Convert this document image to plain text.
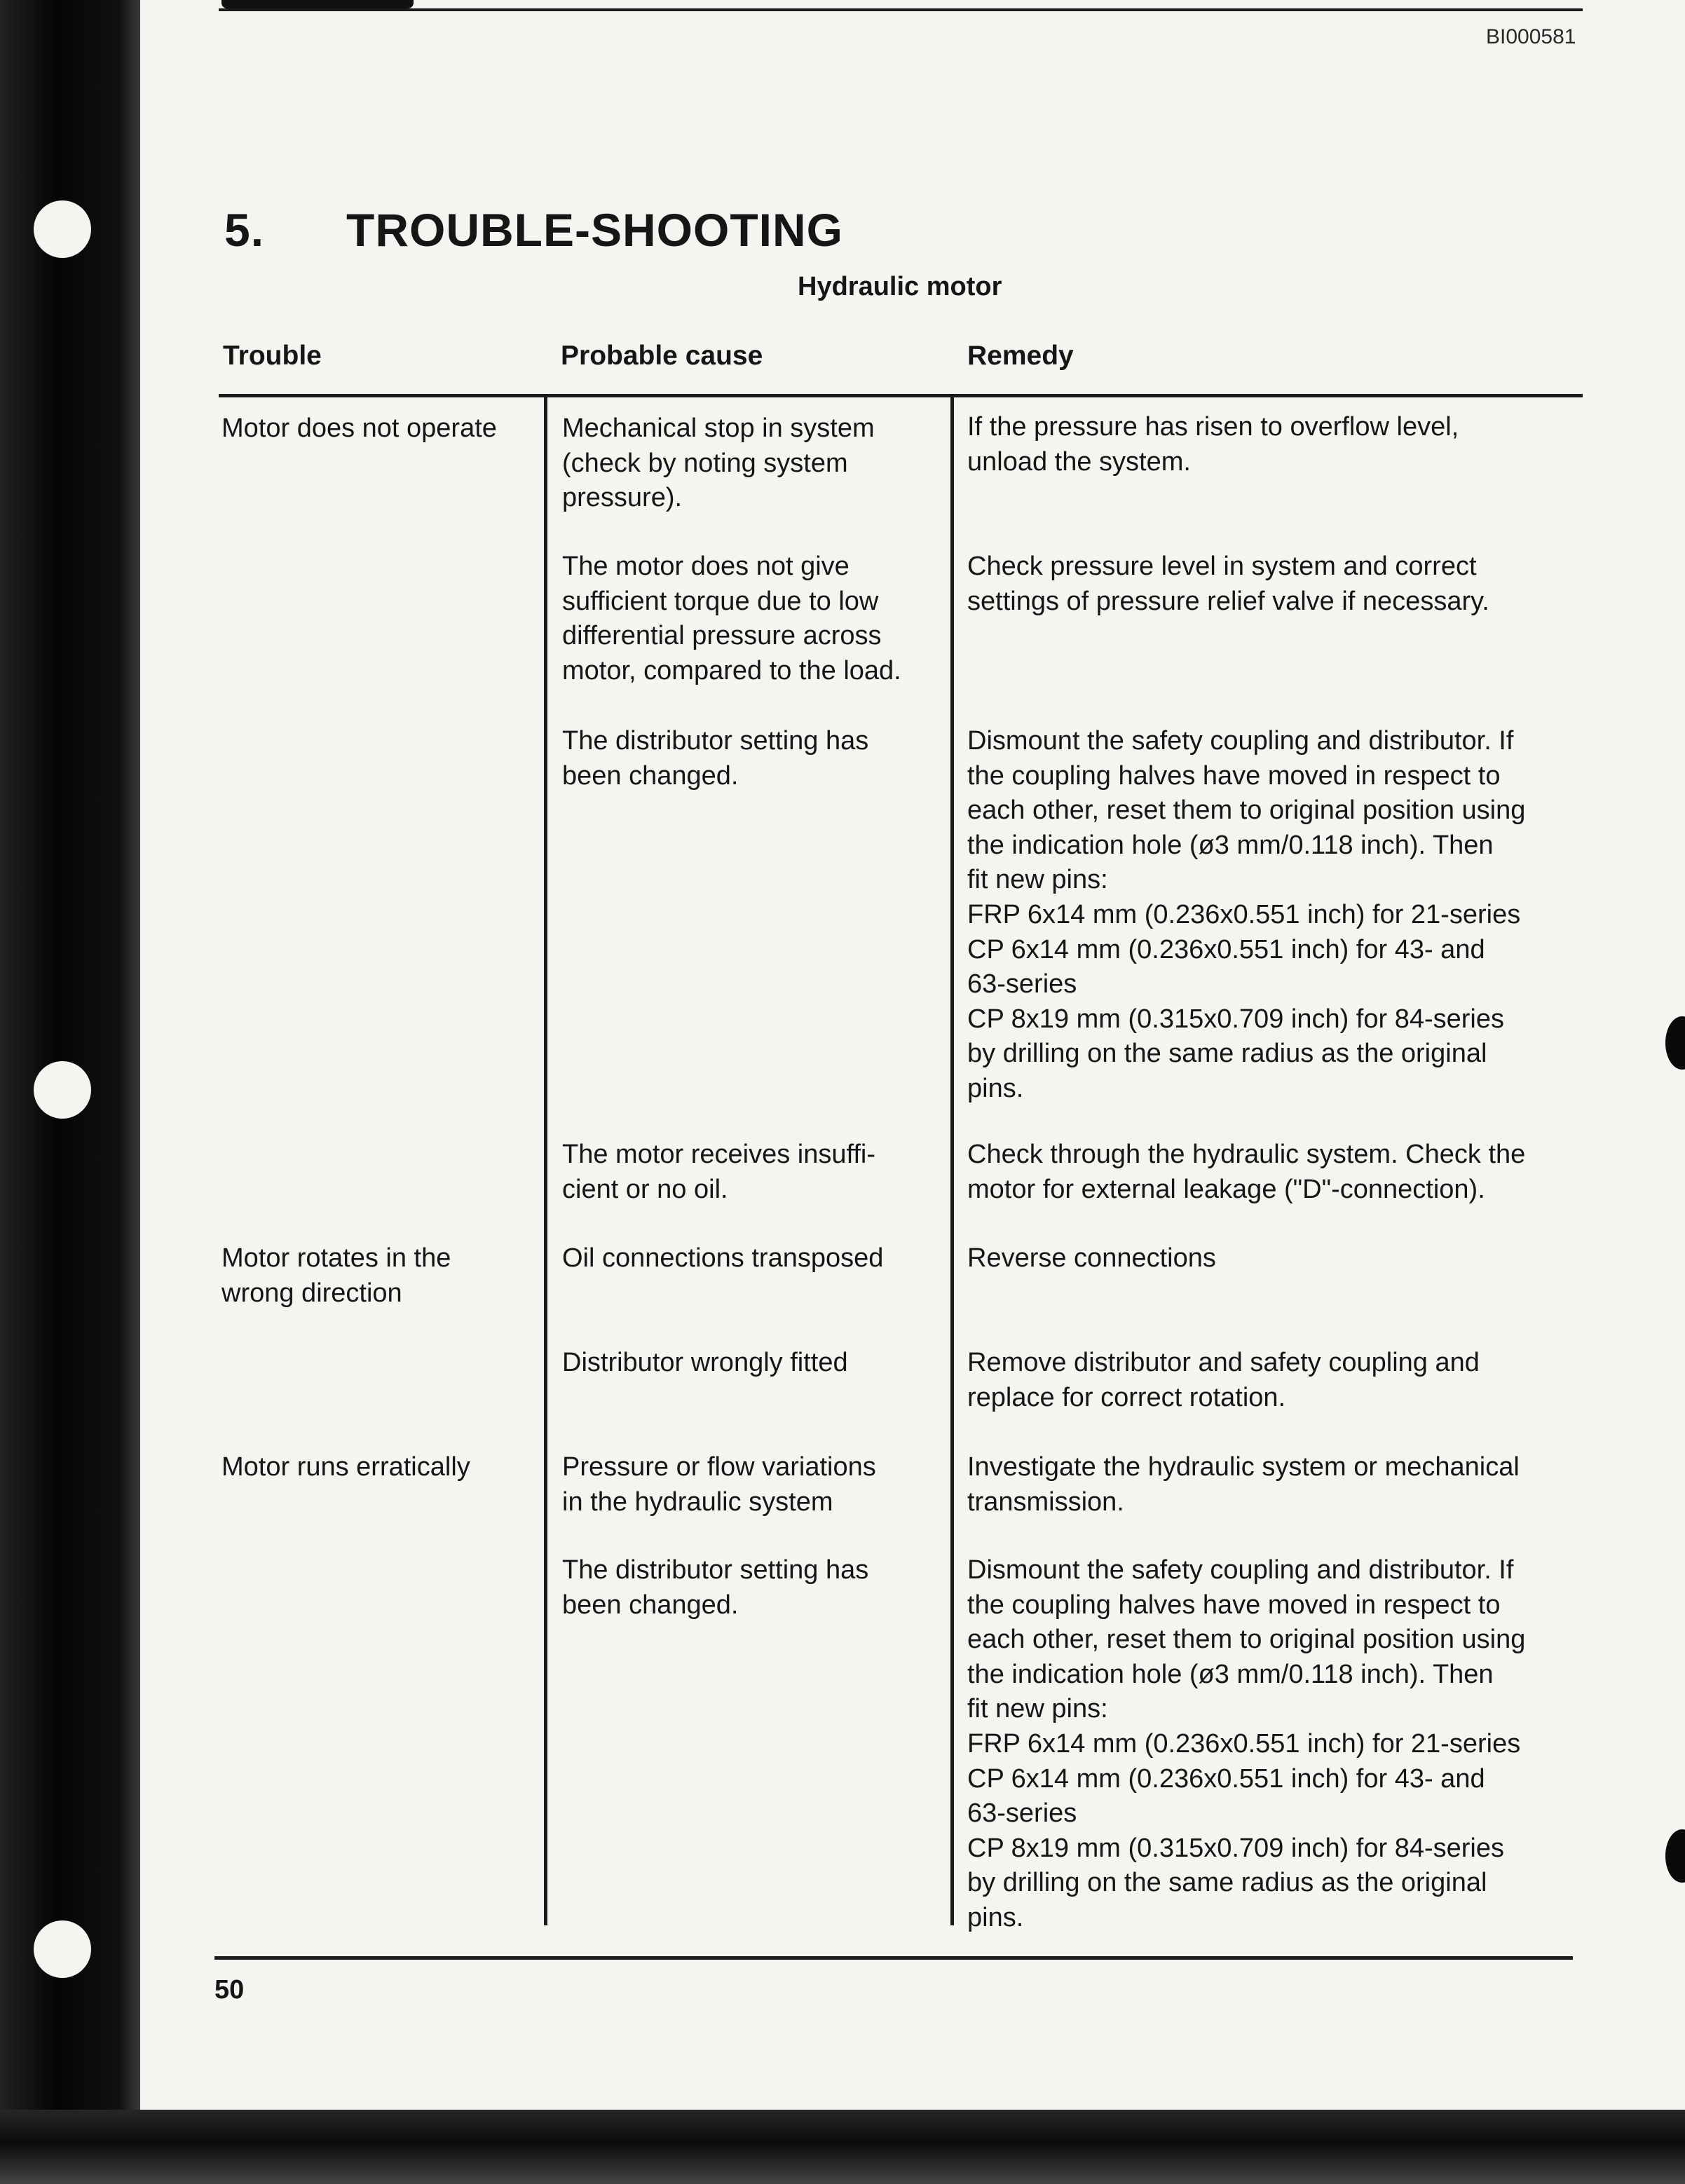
BI000581
5. TROUBLE-SHOOTING
Hydraulic motor
Trouble	Probable cause	Remedy
Motor does not operate
Motor rotates in the
wrong direction
Motor runs erratically
Mechanical stop in system
(check by noting system
pressure).
The motor does not give
sufficient torque due to low
differential pressure across
motor, compared to the load.
The distributor setting has
been changed.
The motor receives insuffi-
cient or no oil.
Oil connections transposed
Distributor wrongly fitted
Pressure or flow variations
in the hydraulic system
The distributor setting has
been changed.
If the pressure has risen to overflow level,
unload the system.
Check pressure level in system and correct
settings of pressure relief valve if necessary.
Dismount the safety coupling and distributor. If
the coupling halves have moved in respect to
each other, reset them to original position using
the indication hole (ø3 mm/0.118 inch). Then
fit new pins:
FRP 6x14 mm (0.236x0.551 inch) for 21-series
CP 6x14 mm (0.236x0.551 inch) for 43- and
63-series
CP 8x19 mm (0.315x0.709 inch) for 84-series
by drilling on the same radius as the original
pins.
Check through the hydraulic system. Check the
motor for external leakage ("D"-connection).
Reverse connections
Remove distributor and safety coupling and
replace for correct rotation.
Investigate the hydraulic system or mechanical
transmission.
Dismount the safety coupling and distributor. If
the coupling halves have moved in respect to
each other, reset them to original position using
the indication hole (ø3 mm/0.118 inch). Then
fit new pins:
FRP 6x14 mm (0.236x0.551 inch) for 21-series
CP 6x14 mm (0.236x0.551 inch) for 43- and
63-series
CP 8x19 mm (0.315x0.709 inch) for 84-series
by drilling on the same radius as the original
pins.
50
